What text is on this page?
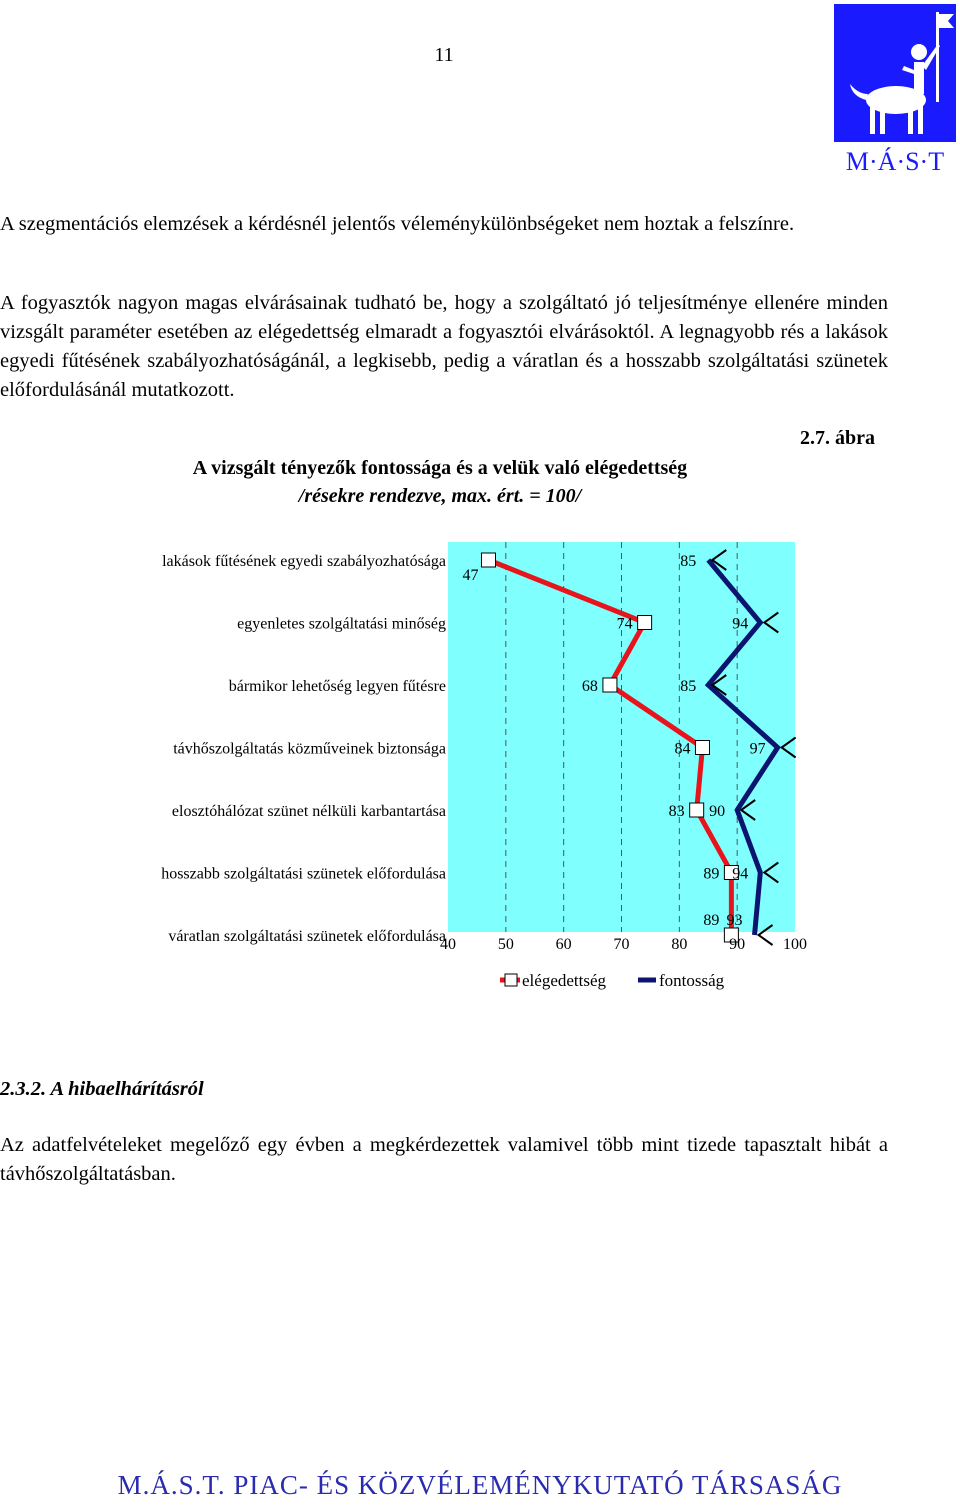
11
M·Á·S·T
A szegmentációs elemzések a kérdésnél jelentős véleménykülönbségeket nem hoztak a felszínre.
A fogyasztók nagyon magas elvárásainak tudható be, hogy a szolgáltató jó teljesítménye ellenére minden vizsgált paraméter esetében az elégedettség elmaradt a fogyasztói elvárásoktól. A legnagyobb rés a lakások egyedi fűtésének szabályozhatóságánál, a legkisebb, pedig a váratlan és a hosszabb szolgáltatási szünetek előfordulásánál mutatkozott.
2.7. ábra
A vizsgált tényezők fontossága és a velük való elégedettség
/résekre rendezve, max. ért. = 100/
lakások fűtésének egyedi szabályozhatósága
egyenletes szolgáltatási minőség
bármikor lehetőség legyen fűtésre
távhőszolgáltatás közműveinek biztonsága
elosztóhálózat szünet nélküli karbantartása
hosszabb szolgáltatási szünetek előfordulása
váratlan szolgáltatási szünetek előfordulása
47
74
68
84
83
89
89
85
94
85
97
90
94
93
40	50	60	70	80	90 100
elégedettség	fontosság
2.3.2. A hibaelhárításról
Az adatfelvételeket megelőző egy évben a megkérdezettek valamivel több mint tizede tapasztalt hibát a távhőszolgáltatásban.
M.Á.S.T. PIAC- ÉS KÖZVÉLEMÉNYKUTATÓ TÁRSASÁG
